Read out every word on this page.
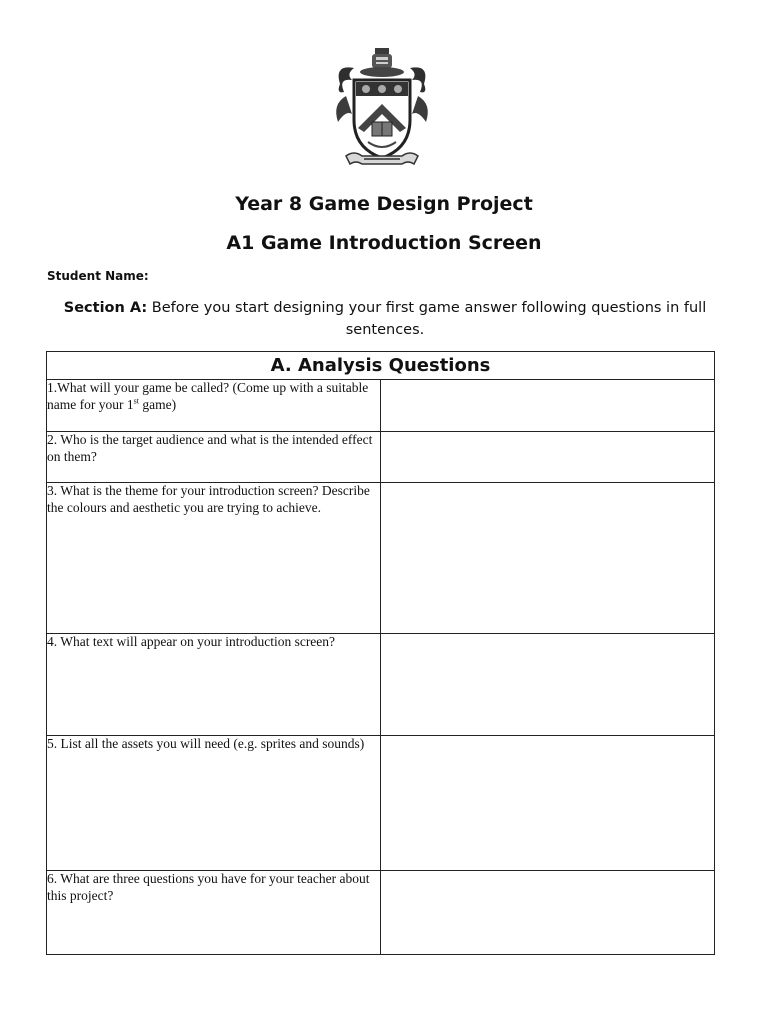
Year 8 Game Design Project
A1 Game Introduction Screen
Student Name:
Section A: Before you start designing your first game answer following questions in full sentences.
A. Analysis Questions	
1.What will your game be called? (Come up with a suitable name for your 1st game)	
2. Who is the target audience and what is the intended effect on them?	
3. What is the theme for your introduction screen? Describe the colours and aesthetic you are trying to achieve.	
4. What text will appear on your introduction screen?	
5. List all the assets you will need (e.g. sprites and sounds)	
6. What are three questions you have for your teacher about this project?	
